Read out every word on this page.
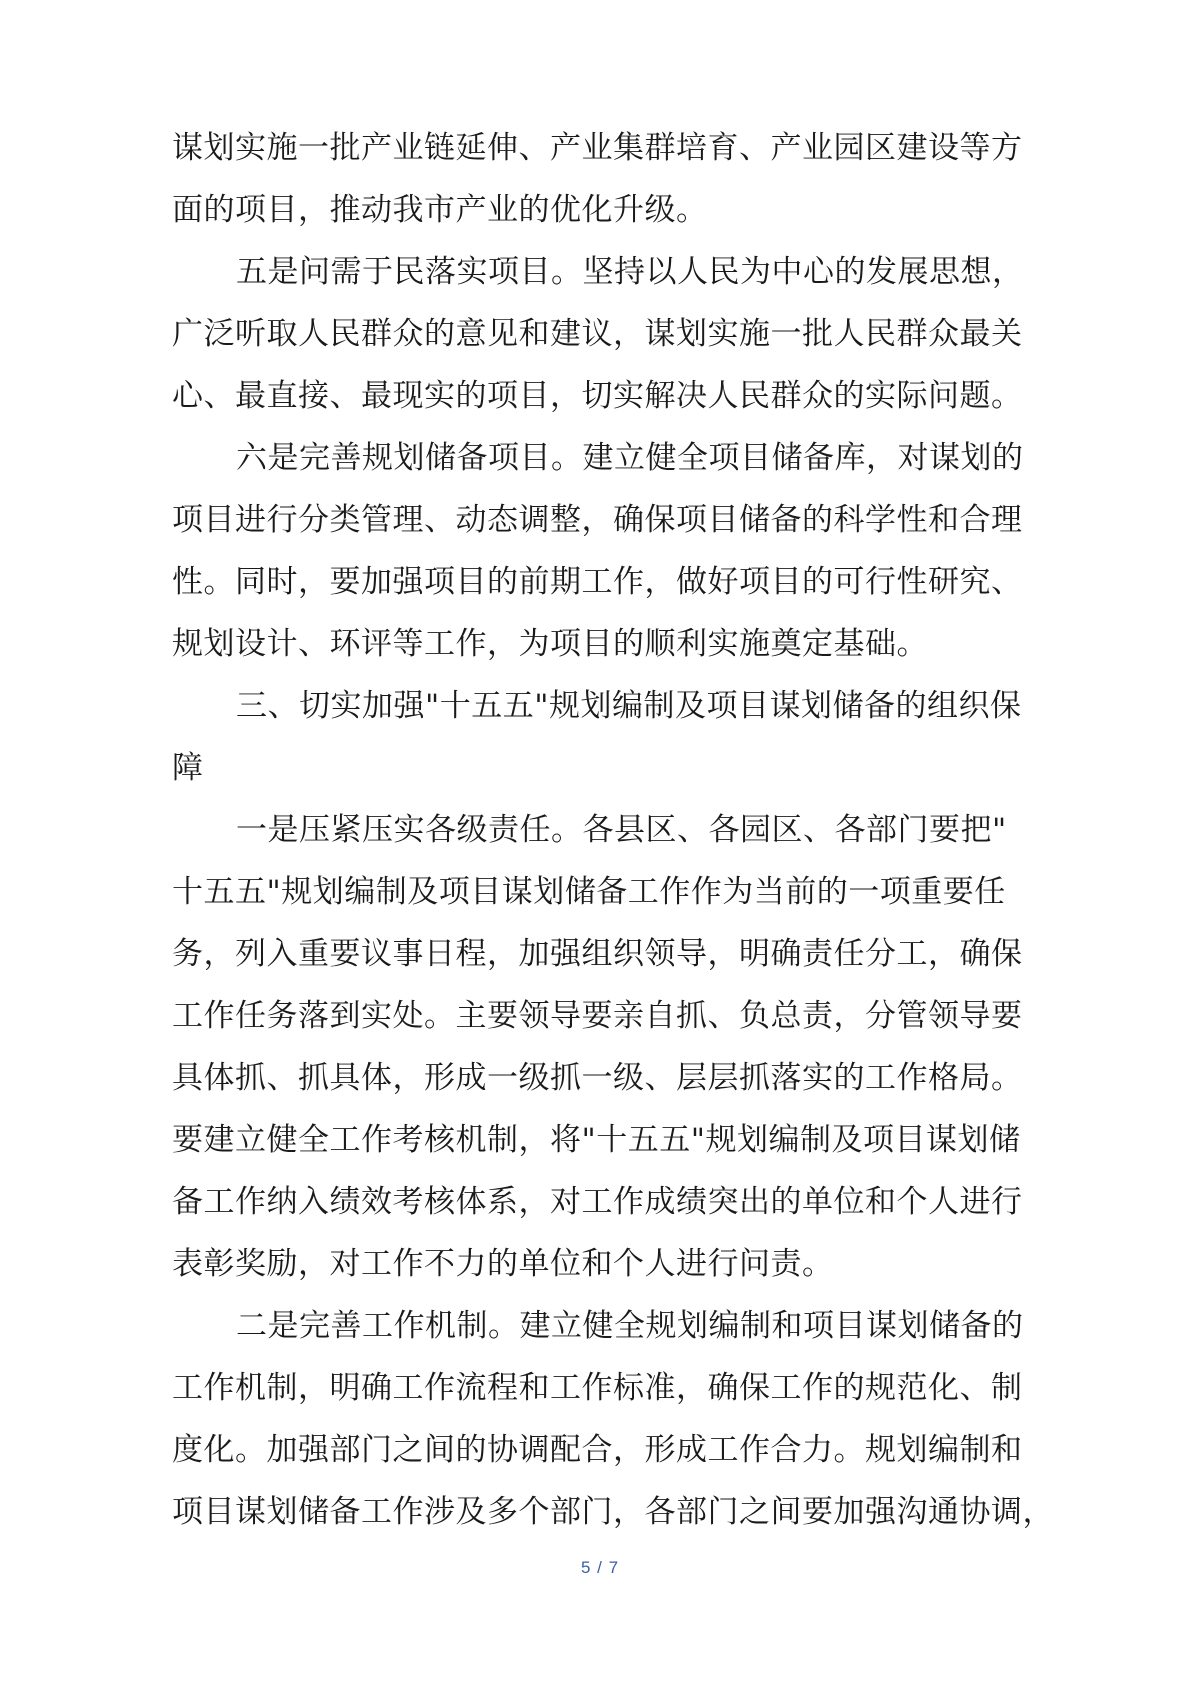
谋划实施一批产业链延伸、产业集群培育、产业园区建设等方
面的项目，推动我市产业的优化升级。
五是问需于民落实项目。坚持以人民为中心的发展思想，
广泛听取人民群众的意见和建议，谋划实施一批人民群众最关
心、最直接、最现实的项目，切实解决人民群众的实际问题。
六是完善规划储备项目。建立健全项目储备库，对谋划的
项目进行分类管理、动态调整，确保项目储备的科学性和合理
性。同时，要加强项目的前期工作，做好项目的可行性研究、
规划设计、环评等工作，为项目的顺利实施奠定基础。
三、切实加强"十五五"规划编制及项目谋划储备的组织保
障
一是压紧压实各级责任。各县区、各园区、各部门要把"
十五五"规划编制及项目谋划储备工作作为当前的一项重要任
务，列入重要议事日程，加强组织领导，明确责任分工，确保
工作任务落到实处。主要领导要亲自抓、负总责，分管领导要
具体抓、抓具体，形成一级抓一级、层层抓落实的工作格局。
要建立健全工作考核机制，将"十五五"规划编制及项目谋划储
备工作纳入绩效考核体系，对工作成绩突出的单位和个人进行
表彰奖励，对工作不力的单位和个人进行问责。
二是完善工作机制。建立健全规划编制和项目谋划储备的
工作机制，明确工作流程和工作标准，确保工作的规范化、制
度化。加强部门之间的协调配合，形成工作合力。规划编制和
项目谋划储备工作涉及多个部门，各部门之间要加强沟通协调，
5 / 7
